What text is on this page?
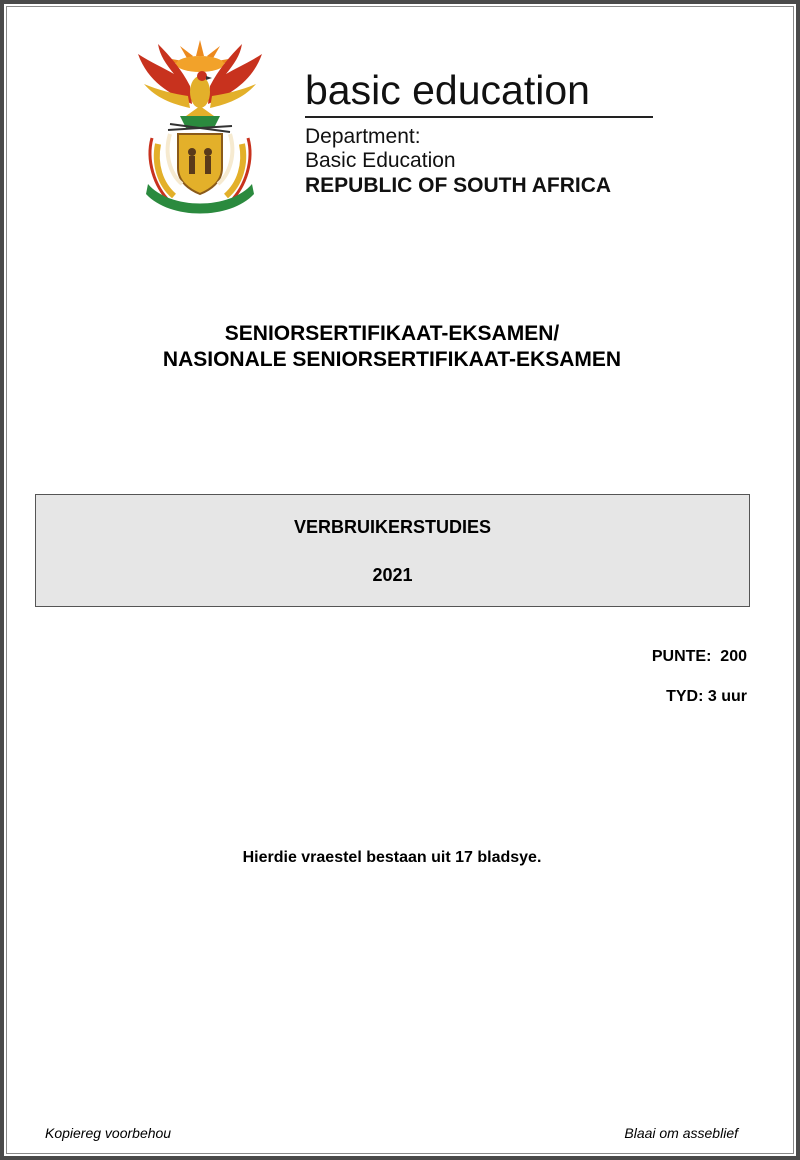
basic education
Department:
Basic Education
REPUBLIC OF SOUTH AFRICA
SENIORSERTIFIKAAT-EKSAMEN/
NASIONALE SENIORSERTIFIKAAT-EKSAMEN
VERBRUIKERSTUDIES
2021
PUNTE:  200
TYD: 3 uur
Hierdie vraestel bestaan uit 17 bladsye.
Kopiereg voorbehou	Blaai om asseblief
